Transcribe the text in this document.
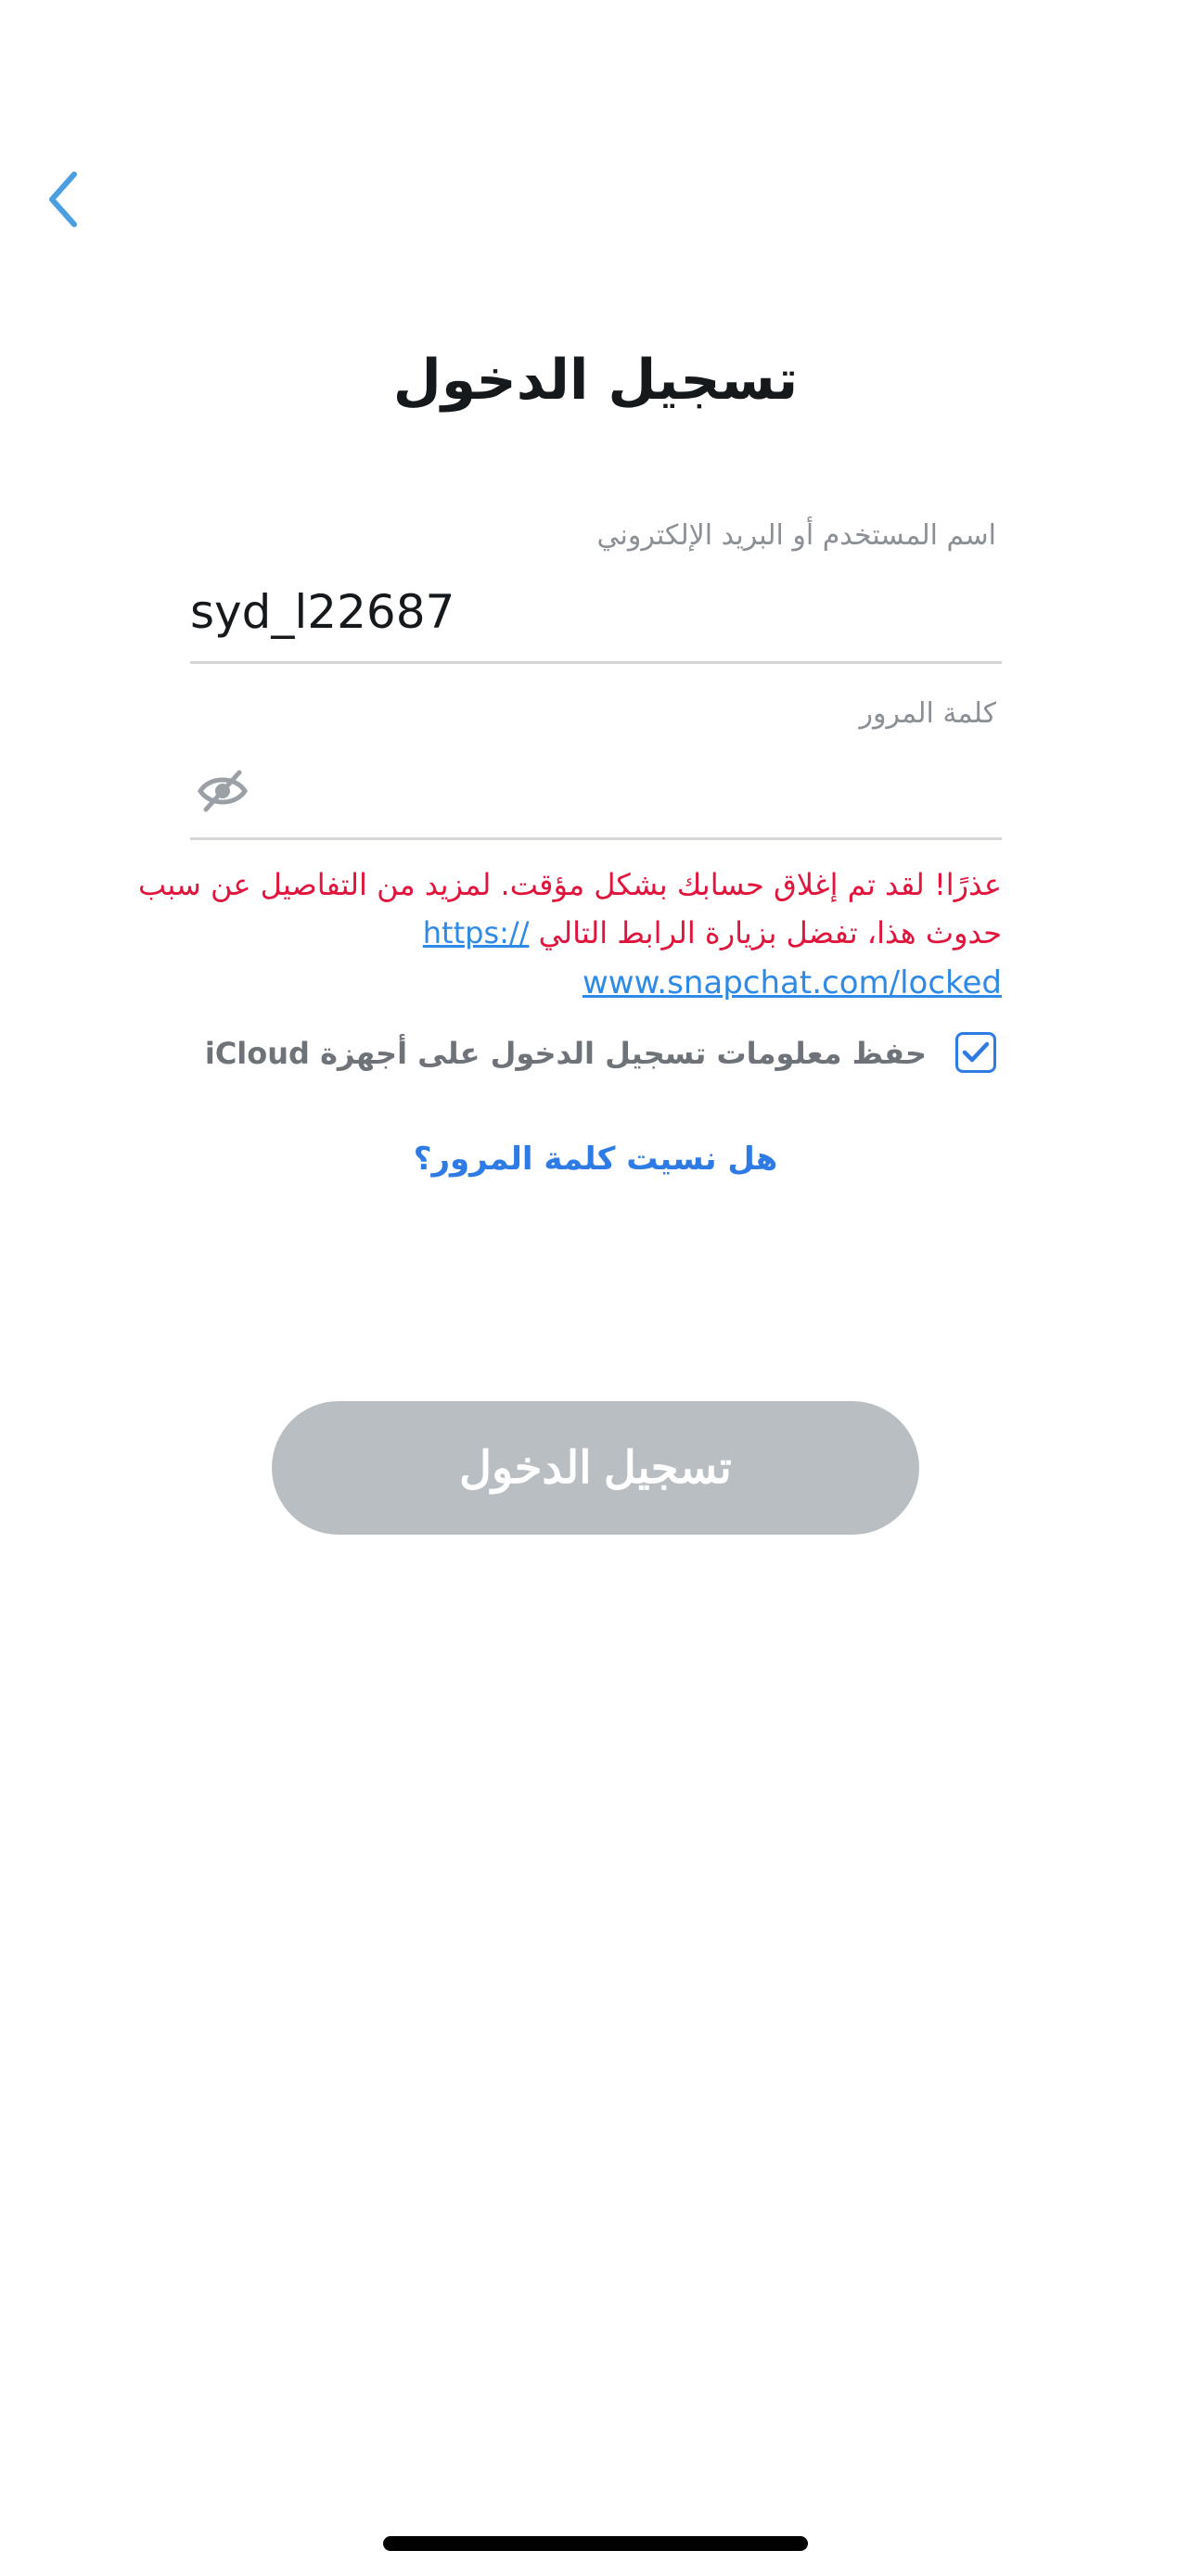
تسجيل الدخول
اسم المستخدم أو البريد الإلكتروني
syd_l22687
كلمة المرور
عذرًا! لقد تم إغلاق حسابك بشكل مؤقت. لمزيد من التفاصيل عن سبب
حدوث هذا، تفضل بزيارة الرابط التالي https://
www.snapchat.com/locked
حفظ معلومات تسجيل الدخول على أجهزة iCloud
هل نسيت كلمة المرور؟
تسجيل الدخول
